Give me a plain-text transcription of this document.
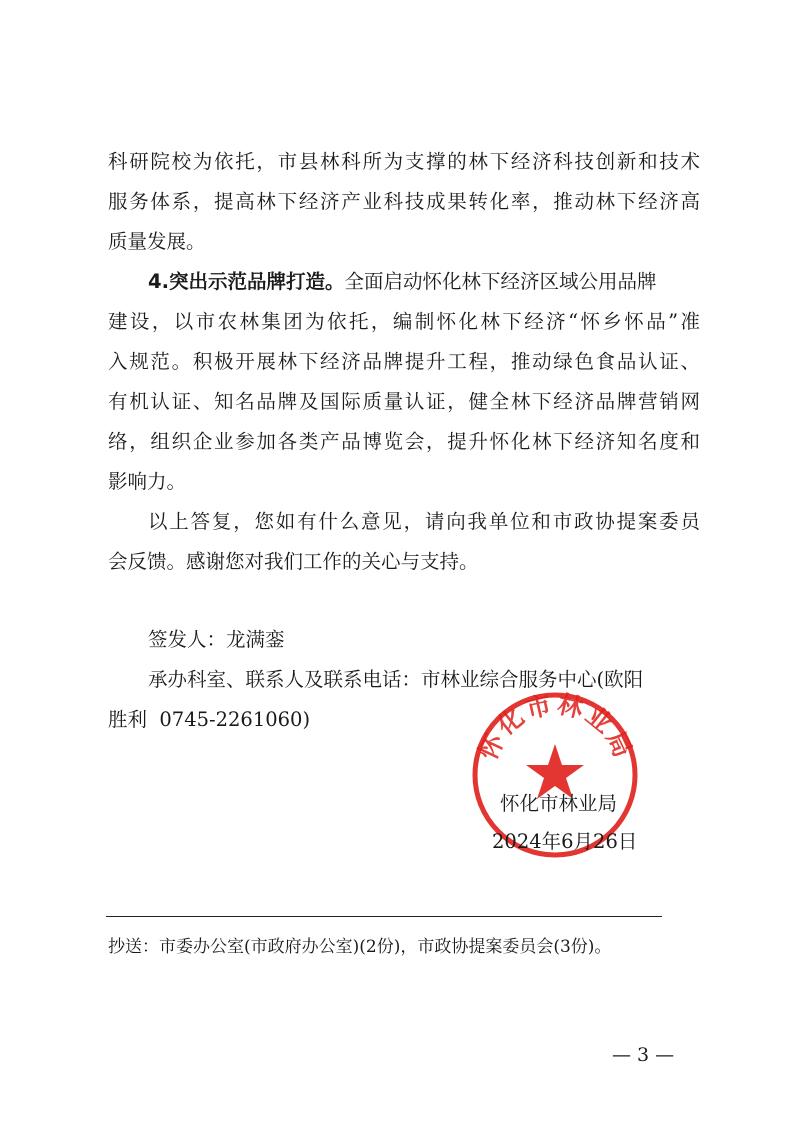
科研院校为依托，市县林科所为支撑的林下经济科技创新和技术
服务体系，提高林下经济产业科技成果转化率，推动林下经济高
质量发展。
4.突出示范品牌打造。全面启动怀化林下经济区域公用品牌
建设，以市农林集团为依托，编制怀化林下经济“怀乡怀品”准
入规范。积极开展林下经济品牌提升工程，推动绿色食品认证、
有机认证、知名品牌及国际质量认证，健全林下经济品牌营销网
络，组织企业参加各类产品博览会，提升怀化林下经济知名度和
影响力。
以上答复，您如有什么意见，请向我单位和市政协提案委员
会反馈。感谢您对我们工作的关心与支持。
签发人：龙满銮
承办科室、联系人及联系电话：市林业综合服务中心(欧阳
胜利  0745-2261060)
怀化市林业局
怀化市林业局
2024年6月26日
抄送：市委办公室(市政府办公室)(2份)，市政协提案委员会(3份)。
— 3 —
